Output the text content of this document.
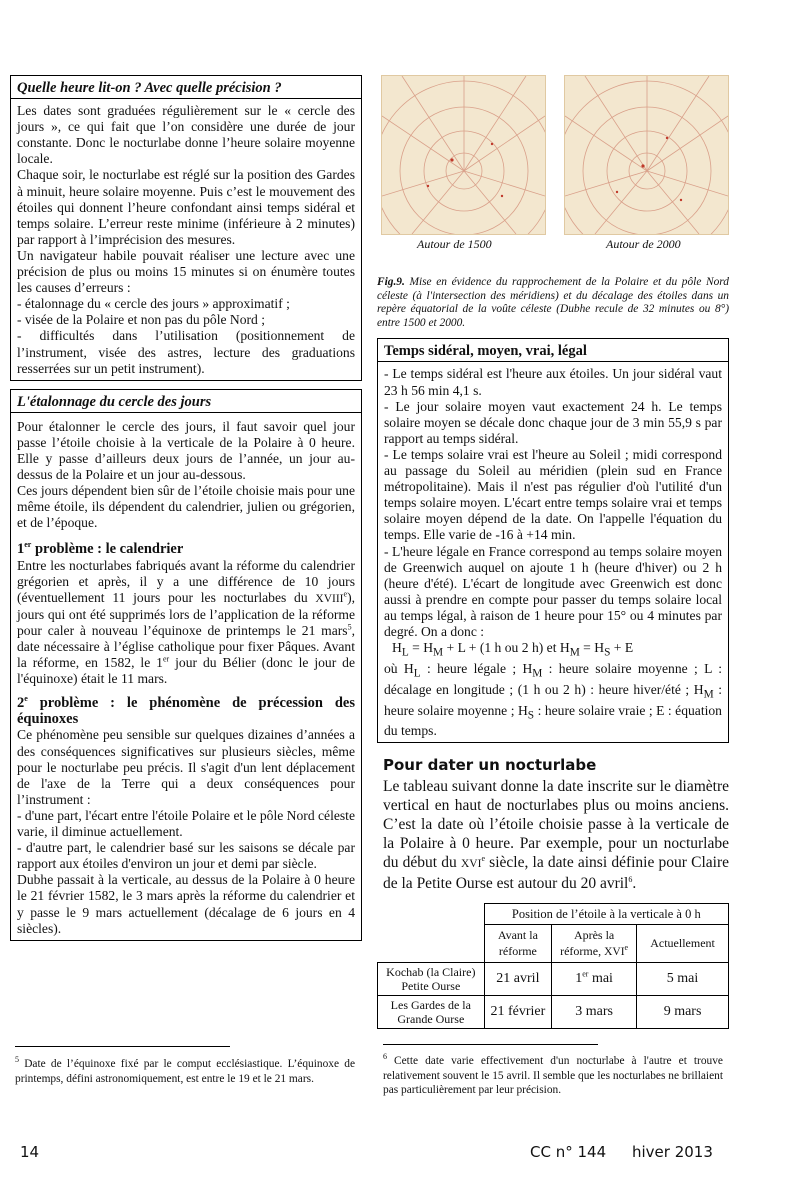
Quelle heure lit-on ? Avec quelle précision ?

Les dates sont graduées régulièrement sur le « cercle des jours », ce qui fait que l’on considère une durée de jour constante. Donc le nocturlabe donne l’heure solaire moyenne locale.

Chaque soir, le nocturlabe est réglé sur la position des Gardes à minuit, heure solaire moyenne. Puis c’est le mouvement des étoiles qui donnent l’heure confondant ainsi temps sidéral et temps solaire. L’erreur reste minime (inférieure à 2 minutes) par rapport à l’imprécision des mesures.

Un navigateur habile pouvait réaliser une lecture avec une précision de plus ou moins 15 minutes si on énumère toutes les causes d’erreurs :

- étalonnage du « cercle des jours » approximatif ;

- visée de la Polaire et non pas du pôle Nord ;

- difficultés dans l’utilisation (positionnement de l’instrument, visée des astres, lecture des graduations resserrées sur un petit instrument).

L'étalonnage du cercle des jours

Pour étalonner le cercle des jours, il faut savoir quel jour passe l’étoile choisie à la verticale de la Polaire à 0 heure. Elle y passe d’ailleurs deux jours de l’année, un jour au-dessus de la Polaire et un jour au-dessous.

Ces jours dépendent bien sûr de l’étoile choisie mais pour une même étoile, ils dépendent du calendrier, julien ou grégorien, et de l’époque.

1er problème : le calendrier

Entre les nocturlabes fabriqués avant la réforme du calendrier grégorien et après, il y a une différence de 10 jours (éventuellement 11 jours pour les nocturlabes du XVIIIe), jours qui ont été supprimés lors de l’application de la réforme pour caler à nouveau l’équinoxe de printemps le 21 mars$^5$, date nécessaire à l’église catholique pour fixer Pâques. Avant la réforme, en 1582, le 1er jour du Bélier (donc le jour de l'équinoxe) était le 11 mars.

2e problème : le phénomène de précession des équinoxes

Ce phénomène peu sensible sur quelques dizaines d’années a des conséquences significatives sur plusieurs siècles, même pour le nocturlabe peu précis. Il s'agit d'un lent déplacement de l'axe de la Terre qui a deux conséquences pour l’instrument :

- d'une part, l'écart entre l'étoile Polaire et le pôle Nord céleste varie, il diminue actuellement.

- d'autre part, le calendrier basé sur les saisons se décale par rapport aux étoiles d'environ un jour et demi par siècle.

Dubhe passait à la verticale, au dessus de la Polaire à 0 heure le 21 février 1582, le 3 mars après la réforme du calendrier et y passe le 9 mars actuellement (décalage de 6 jours en 4 siècles).

Autour de 1500	Autour de 2000
Fig.9. Mise en évidence du rapprochement de la Polaire et du pôle Nord céleste (à l'intersection des méridiens) et du décalage des étoiles dans un repère équatorial de la voûte céleste (Dubhe recule de 32 minutes ou 8°) entre 1500 et 2000.
Temps sidéral, moyen, vrai, légal

- Le temps sidéral est l'heure aux étoiles. Un jour sidéral vaut 23 h 56 min 4,1 s.

- Le jour solaire moyen vaut exactement 24 h. Le temps solaire moyen se décale donc chaque jour de 3 min 55,9 s par rapport au temps sidéral.

- Le temps solaire vrai est l'heure au Soleil ; midi correspond au passage du Soleil au méridien (plein sud en France métropolitaine). Mais il n'est pas régulier d'où l'utilité d'un temps solaire moyen. L'écart entre temps solaire vrai et temps solaire moyen dépend de la date. On l'appelle l'équation du temps. Elle varie de -16 à +14 min.

- L'heure légale en France correspond au temps solaire moyen de Greenwich auquel on ajoute 1 h (heure d'hiver) ou 2 h (heure d'été). L'écart de longitude avec Greenwich est donc aussi à prendre en compte pour passer du temps solaire local au temps légal, à raison de 1 heure pour 15° ou 4 minutes par degré. On a donc :

$H_L = H_M + L + (1$ h ou 2 h) et $H_M = H_S + E$

où $H_L$ : heure légale ; $H_M$ : heure solaire moyenne ; L : décalage en longitude ; (1 h ou 2 h) : heure hiver/été ; $H_M$ : heure solaire moyenne ; $H_S$ : heure solaire vraie ; E : équation du temps.

Pour dater un nocturlabe
Le tableau suivant donne la date inscrite sur le diamètre vertical en haut de nocturlabes plus ou moins anciens. C’est la date où l’étoile choisie passe à la verticale de la Polaire à 0 heure. Par exemple, pour un nocturlabe du début du XVIe siècle, la date ainsi définie pour Claire de la Petite Ourse est autour du 20 avril$^6$.
	Position de l’étoile à la verticale à 0 h		
	Avant la réforme	Après la réforme, XVIe	Actuellement
Kochab (la Claire) Petite Ourse	21 avril	1er mai	5 mai
Les Gardes de la Grande Ourse	21 février	3 mars	9 mars
$^5$ Date de l’équinoxe fixé par le comput ecclésiastique. L’équinoxe de printemps, défini astronomiquement, est entre le 19 et le 21 mars.
$^6$ Cette date varie effectivement d'un nocturlabe à l'autre et trouve relativement souvent le 15 avril. Il semble que les nocturlabes ne brillaient pas particulièrement par leur précision.
14	CC n° 144 hiver 2013
